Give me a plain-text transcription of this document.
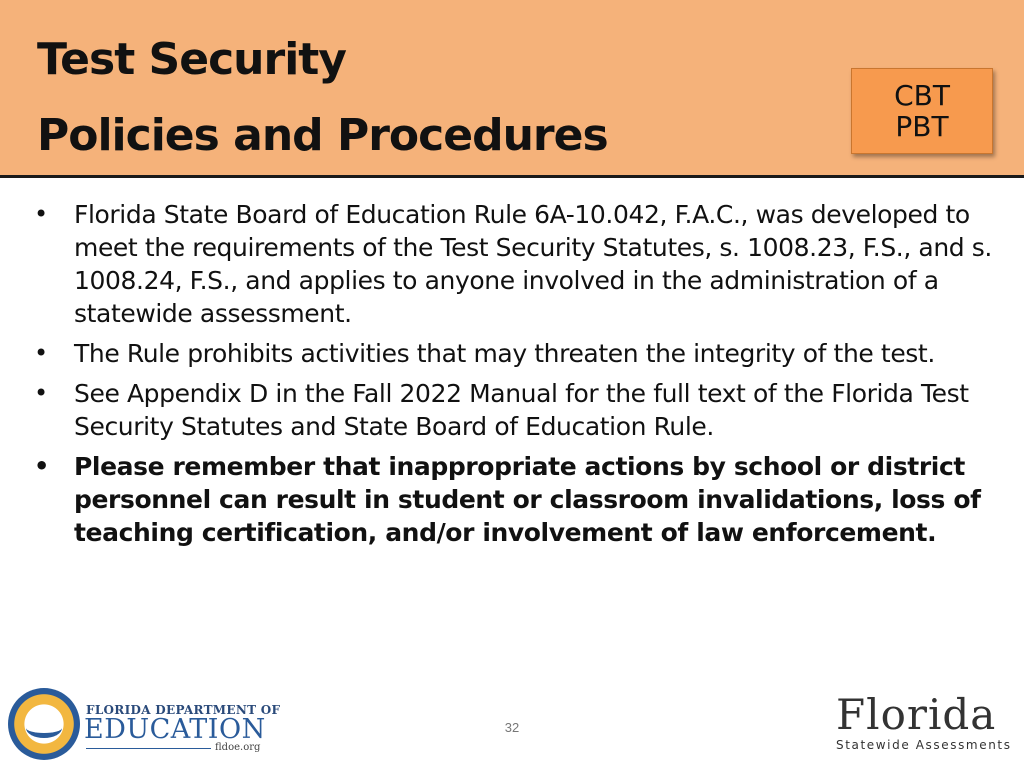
Test Security
Policies and Procedures
CBT
PBT
• Florida State Board of Education Rule 6A-10.042, F.A.C., was developed to meet the requirements of the Test Security Statutes, s. 1008.23, F.S., and s. 1008.24, F.S., and applies to anyone involved in the administration of a statewide assessment.
• The Rule prohibits activities that may threaten the integrity of the test.
• See Appendix D in the Fall 2022 Manual for the full text of the Florida Test Security Statutes and State Board of Education Rule.
• Please remember that inappropriate actions by school or district personnel can result in student or classroom invalidations, loss of teaching certification, and/or involvement of law enforcement.
32
FLORIDA DEPARTMENT OF
EDUCATION
fldoe.org
Florida
Statewide Assessments
